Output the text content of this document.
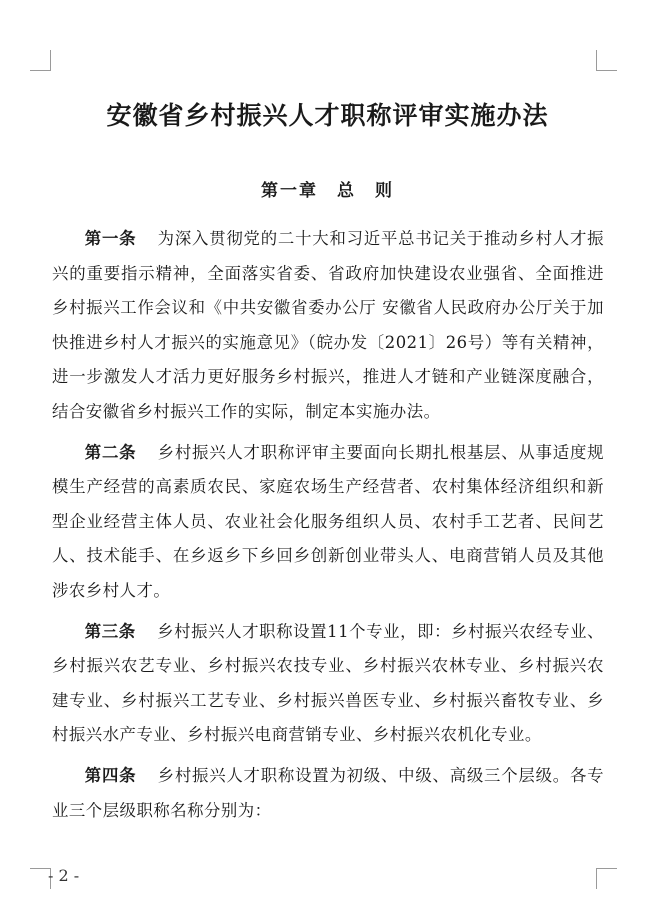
安徽省乡村振兴人才职称评审实施办法
第一章　总　则

第一条 为深入贯彻党的二十大和习近平总书记关于推动乡村人才振兴的重要指示精神，全面落实省委、省政府加快建设农业强省、全面推进乡村振兴工作会议和《中共安徽省委办公厅 安徽省人民政府办公厅关于加快推进乡村人才振兴的实施意见》（皖办发〔2021〕26号）等有关精神，进一步激发人才活力更好服务乡村振兴，推进人才链和产业链深度融合，结合安徽省乡村振兴工作的实际，制定本实施办法。

第二条 乡村振兴人才职称评审主要面向长期扎根基层、从事适度规模生产经营的高素质农民、家庭农场生产经营者、农村集体经济组织和新型企业经营主体人员、农业社会化服务组织人员、农村手工艺者、民间艺人、技术能手、在乡返乡下乡回乡创新创业带头人、电商营销人员及其他涉农乡村人才。

第三条 乡村振兴人才职称设置11个专业，即：乡村振兴农经专业、乡村振兴农艺专业、乡村振兴农技专业、乡村振兴农林专业、乡村振兴农建专业、乡村振兴工艺专业、乡村振兴兽医专业、乡村振兴畜牧专业、乡村振兴水产专业、乡村振兴电商营销专业、乡村振兴农机化专业。

第四条 乡村振兴人才职称设置为初级、中级、高级三个层级。各专业三个层级职称名称分别为：

- 2 -
